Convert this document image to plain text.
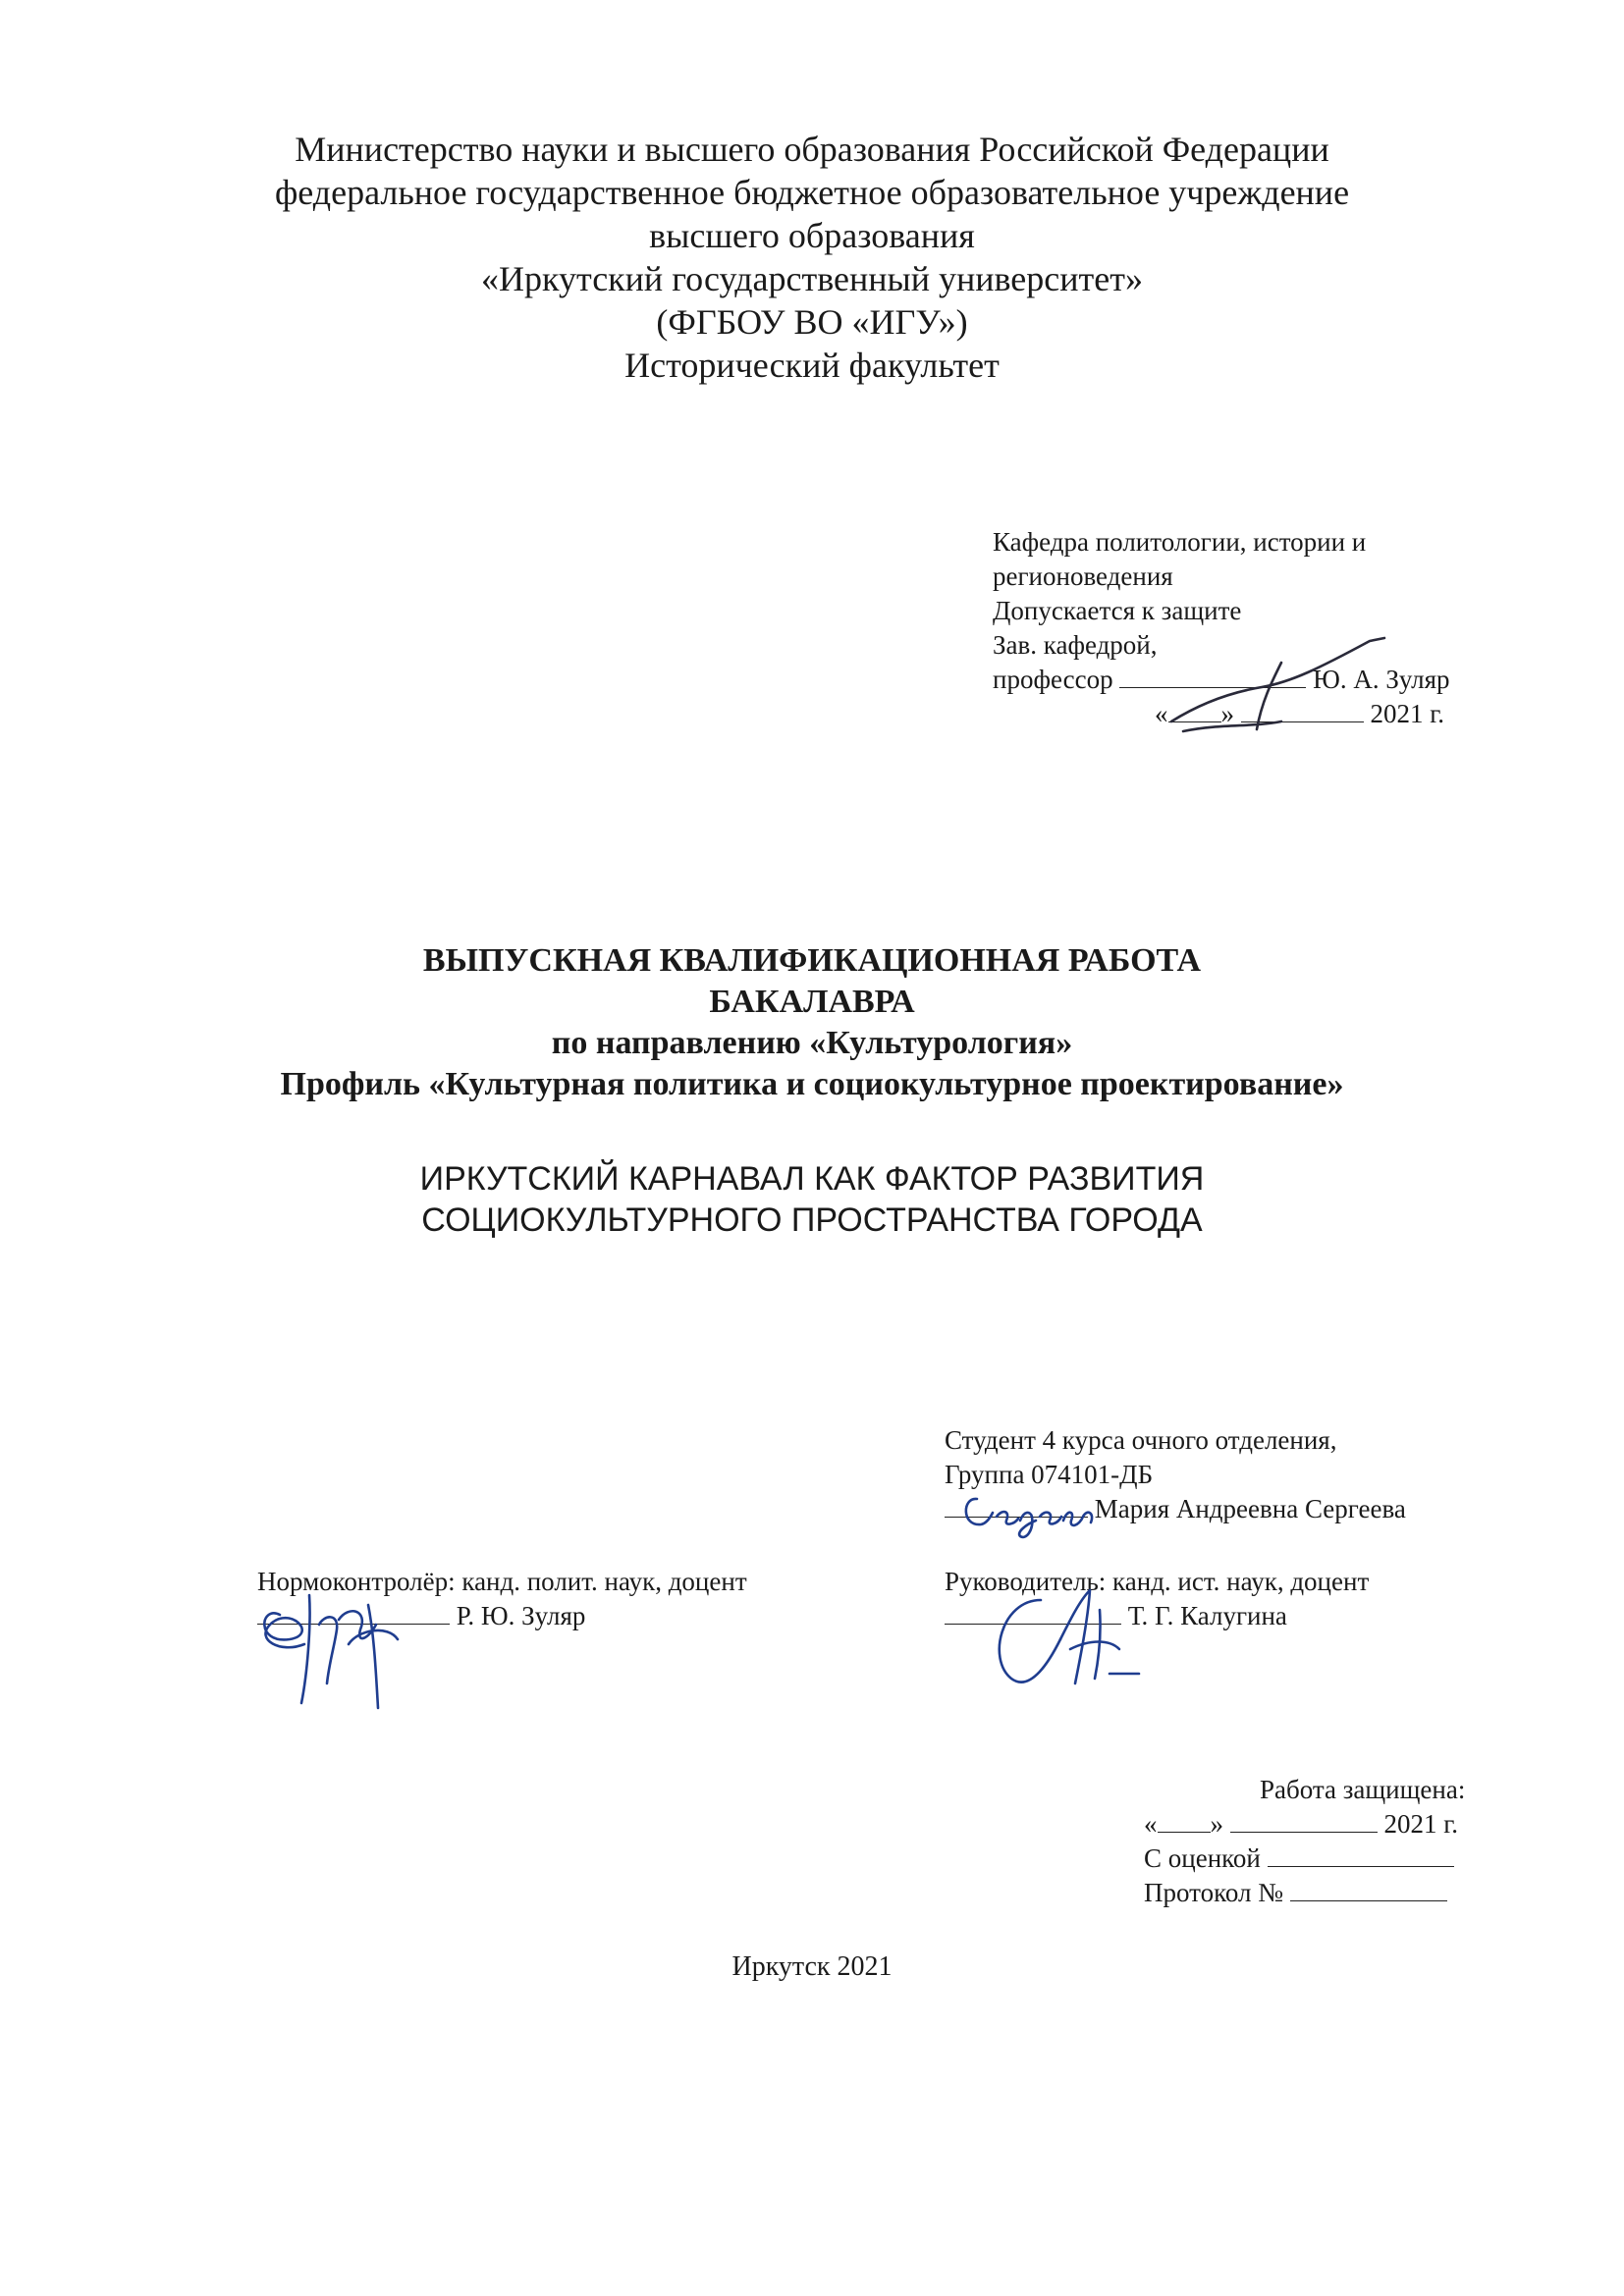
Министерство науки и высшего образования Российской Федерации
федеральное государственное бюджетное образовательное учреждение
высшего образования
«Иркутский государственный университет»
(ФГБОУ ВО «ИГУ»)
Исторический факультет
Кафедра политологии, истории и
регионоведения
Допускается к защите
Зав. кафедрой,
профессор	Ю. А. Зуляр
« »	2021 г.
ВЫПУСКНАЯ КВАЛИФИКАЦИОННАЯ РАБОТА
БАКАЛАВРА
по направлению «Культурология»
Профиль «Культурная политика и социокультурное проектирование»
ИРКУТСКИЙ КАРНАВАЛ КАК ФАКТОР РАЗВИТИЯ
СОЦИОКУЛЬТУРНОГО ПРОСТРАНСТВА ГОРОДА
Студент 4 курса очного отделения,
Группа 074101-ДБ
Мария Андреевна Сергеева
Нормоконтролёр: канд. полит. наук, доцент
Р. Ю. Зуляр
Руководитель: канд. ист. наук, доцент
Т. Г. Калугина
Работа защищена:
« »	2021 г.
С оценкой
Протокол №
Иркутск 2021
